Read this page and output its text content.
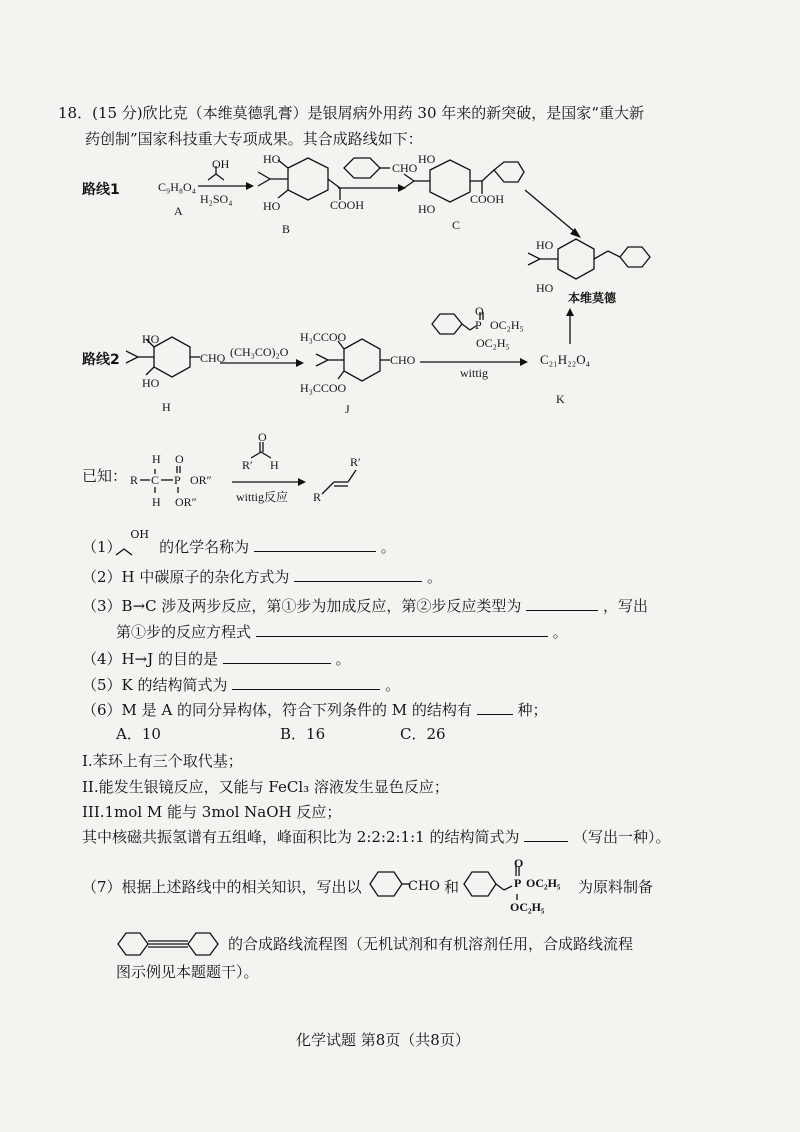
18．(15 分)欣比克（本维莫德乳膏）是银屑病外用药 30 年来的新突破，是国家“重大新
药创制”国家科技重大专项成果。其合成路线如下：
路线1	C₉H₈O₄
A
OH
H₂SO₄
HO
HO	COOH
B
CHO
HO
HO
COOH
C
HO
HO
本维莫德
路线2
HO
HO
CHO
H
(CH₃CO)₂O
H₃CCOO
H₃CCOO
CHO
J
O
P OC₂H₅
OC₂H₅
wittig
C₂₁H₂₂O₄
K
已知： R C
H
H
P
O
OR″
OR″
O
R′ H
wittig反应
R′
R
（1）
OH
的化学名称为	。
（2）H 中碳原子的杂化方式为	。
（3）B→C 涉及两步反应，第①步为加成反应，第②步反应类型为	，写出
第①步的反应方程式	。
（4）H→J 的目的是	。
（5）K 的结构简式为	。
（6）M 是 A 的同分异构体，符合下列条件的 M 的结构有	种；
A．10	B．16	C．26
I.苯环上有三个取代基；
II.能发生银镜反应，又能与 FeCl₃ 溶液发生显色反应；
III.1mol M 能与 3mol NaOH 反应；
其中核磁共振氢谱有五组峰，峰面积比为 2:2:2:1:1 的结构简式为	（写出一种）。
（7）根据上述路线中的相关知识，写出以	CHO 和
O
P OC₂H₅
OC₂H₅
为原料制备
的合成路线流程图（无机试剂和有机溶剂任用，合成路线流程
图示例见本题题干）。
化学试题 第8页（共8页）
